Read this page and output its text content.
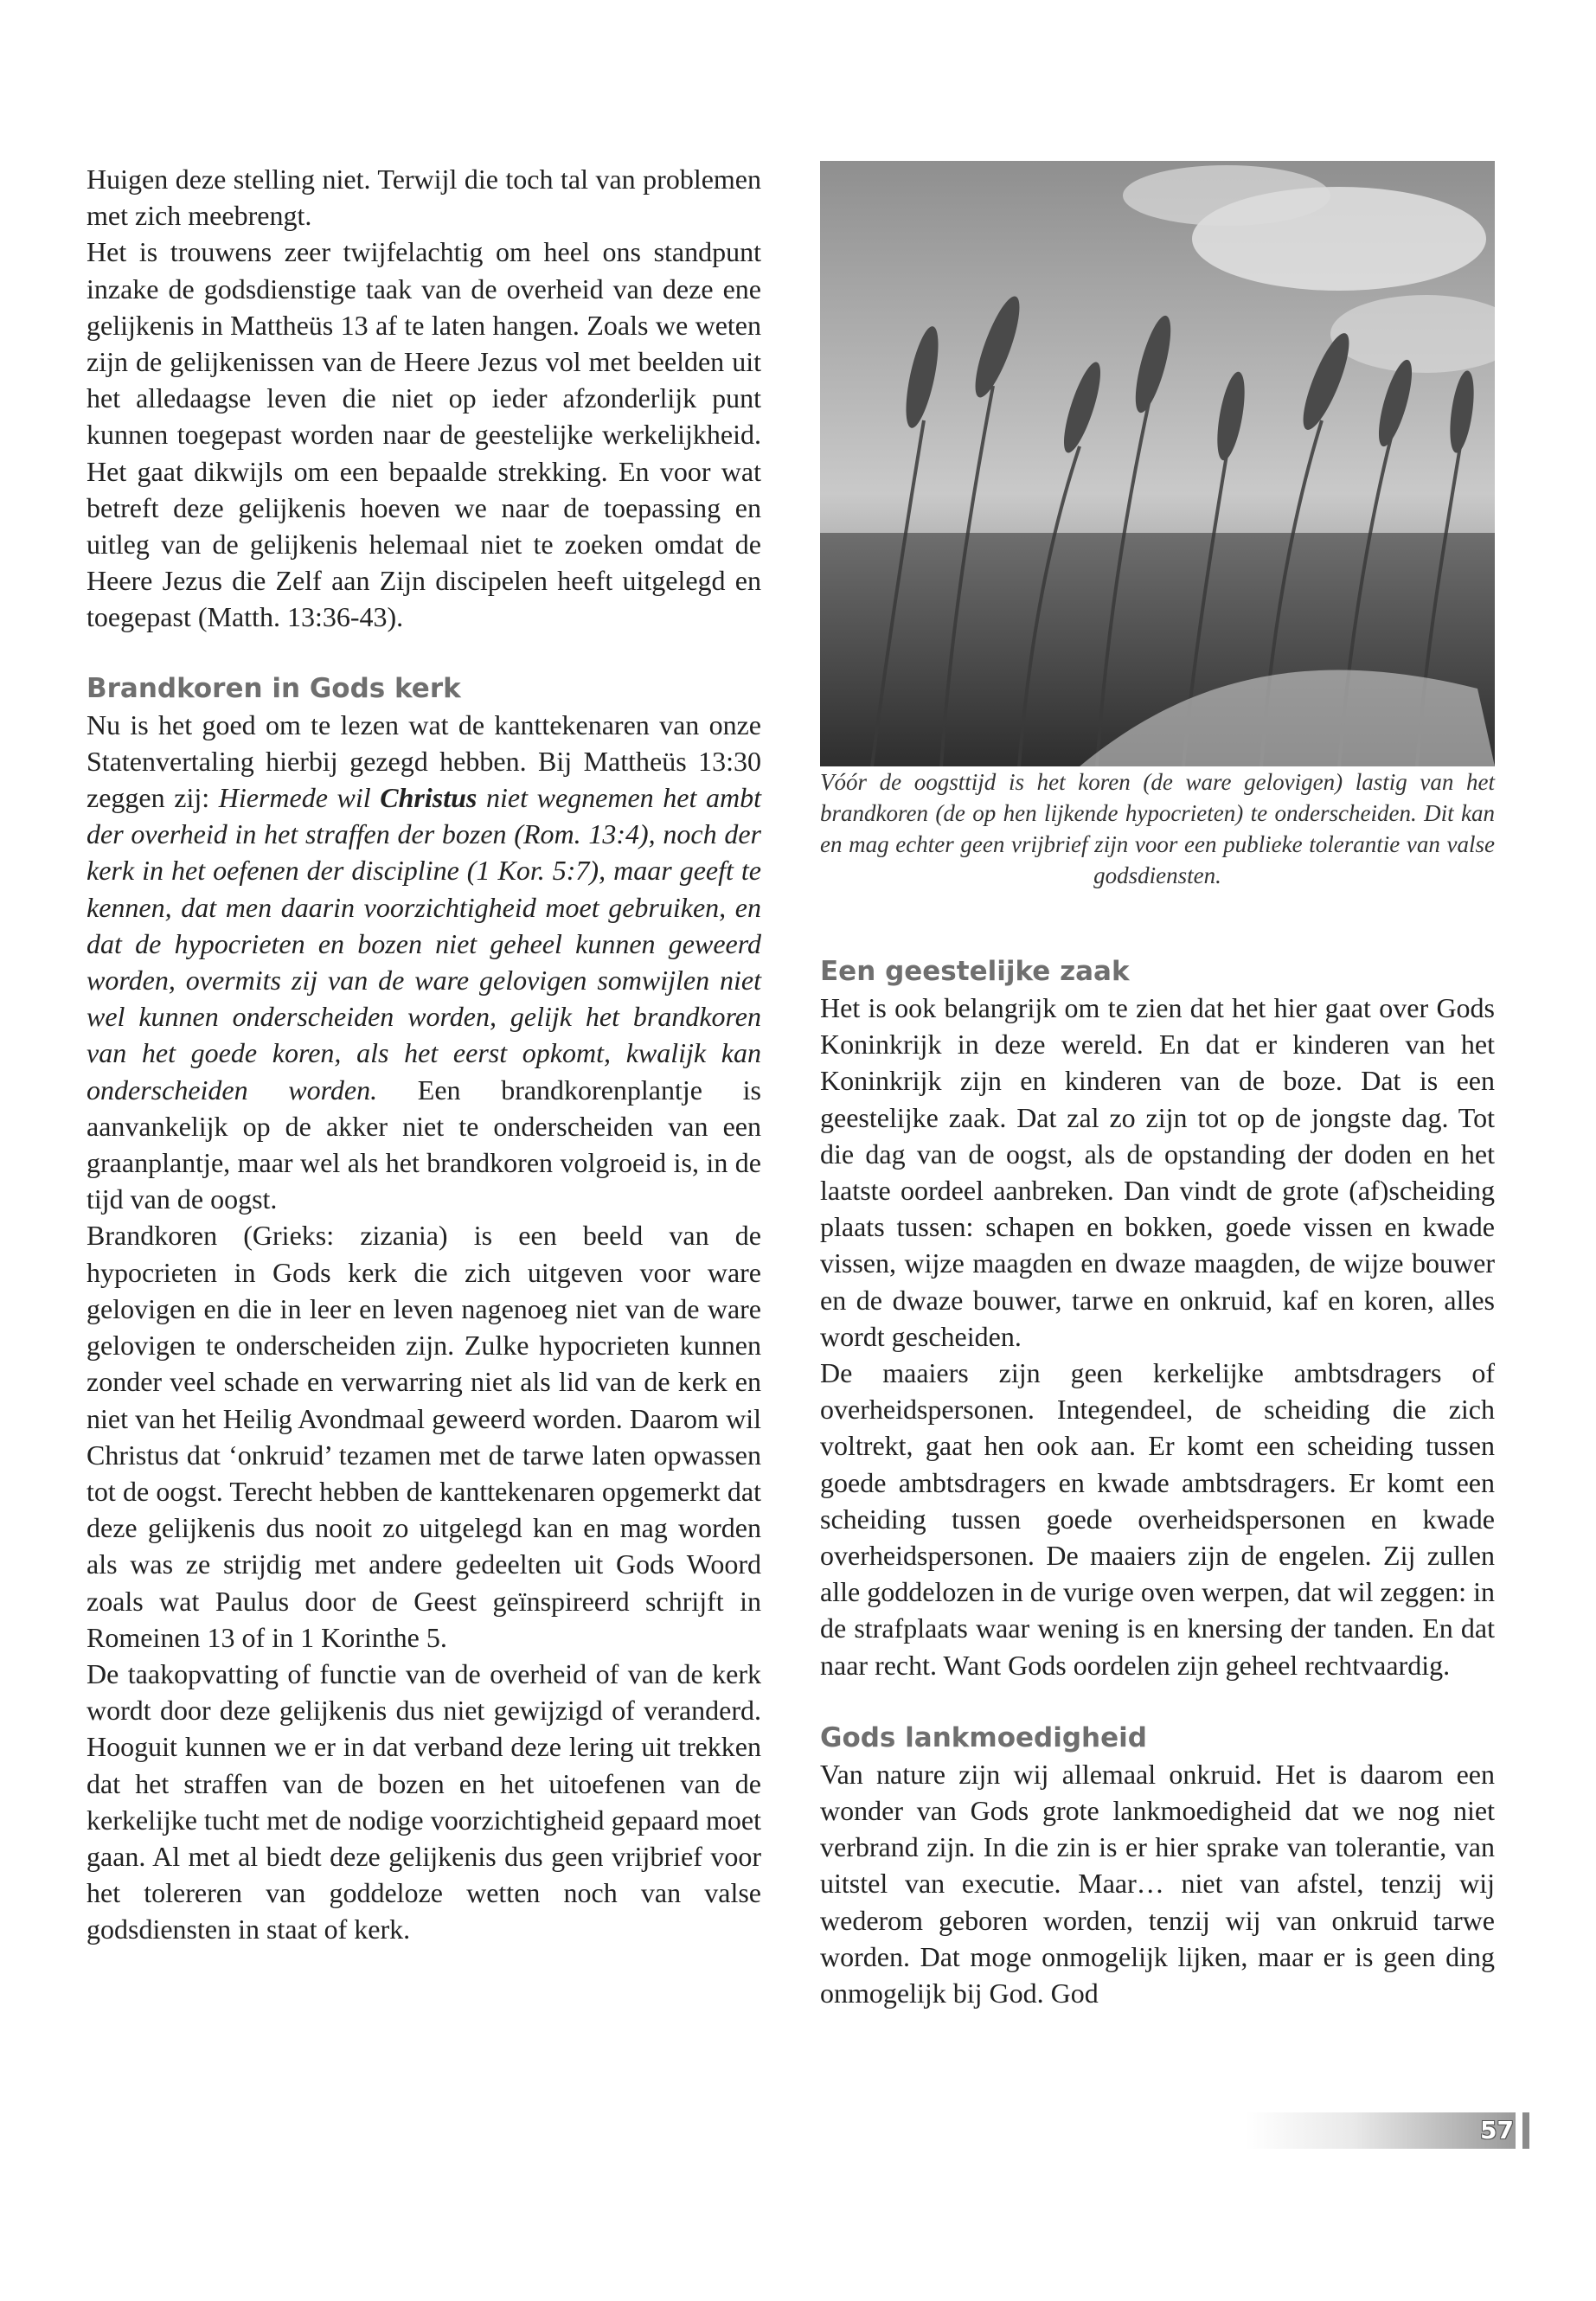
Huigen deze stelling niet. Terwijl die toch tal van problemen met zich meebrengt.

Het is trouwens zeer twijfelachtig om heel ons standpunt inzake de godsdienstige taak van de overheid van deze ene gelijkenis in Mattheüs 13 af te laten hangen. Zoals we weten zijn de gelijkenissen van de Heere Jezus vol met beelden uit het alledaagse leven die niet op ieder afzonderlijk punt kunnen toegepast worden naar de geestelijke werkelijkheid. Het gaat dikwijls om een bepaalde strekking. En voor wat betreft deze gelijkenis hoeven we naar de toepassing en uitleg van de gelijkenis helemaal niet te zoeken omdat de Heere Jezus die Zelf aan Zijn discipelen heeft uitgelegd en toegepast (Matth. 13:36-43).

Brandkoren in Gods kerk

Nu is het goed om te lezen wat de kanttekenaren van onze Statenvertaling hierbij gezegd hebben. Bij Mattheüs 13:30 zeggen zij: Hiermede wil Christus niet wegnemen het ambt der overheid in het straffen der bozen (Rom. 13:4), noch der kerk in het oefenen der discipline (1 Kor. 5:7), maar geeft te kennen, dat men daarin voorzichtigheid moet gebruiken, en dat de hypocrieten en bozen niet geheel kunnen geweerd worden, overmits zij van de ware gelovigen somwijlen niet wel kunnen onderscheiden worden, gelijk het brandkoren van het goede koren, als het eerst opkomt, kwalijk kan onderscheiden worden. Een brandkorenplantje is aanvankelijk op de akker niet te onderscheiden van een graanplantje, maar wel als het brandkoren volgroeid is, in de tijd van de oogst.

Brandkoren (Grieks: zizania) is een beeld van de hypocrieten in Gods kerk die zich uitgeven voor ware gelovigen en die in leer en leven nagenoeg niet van de ware gelovigen te onderscheiden zijn. Zulke hypocrieten kunnen zonder veel schade en verwarring niet als lid van de kerk en niet van het Heilig Avondmaal geweerd worden. Daarom wil Christus dat ‘onkruid’ tezamen met de tarwe laten opwassen tot de oogst. Terecht hebben de kanttekenaren opgemerkt dat deze gelijkenis dus nooit zo uitgelegd kan en mag worden als was ze strijdig met andere gedeelten uit Gods Woord zoals wat Paulus door de Geest geïnspireerd schrijft in Romeinen 13 of in 1 Korinthe 5.

De taakopvatting of functie van de overheid of van de kerk wordt door deze gelijkenis dus niet gewijzigd of veranderd. Hooguit kunnen we er in dat verband deze lering uit trekken dat het straffen van de bozen en het uitoefenen van de kerkelijke tucht met de nodige voorzichtigheid gepaard moet gaan. Al met al biedt deze gelijkenis dus geen vrijbrief voor het tolereren van goddeloze wetten noch van valse godsdiensten in staat of kerk.

Vóór de oogsttijd is het koren (de ware gelovigen) lastig van het brandkoren (de op hen lijkende hypocrieten) te onderscheiden. Dit kan en mag echter geen vrijbrief zijn voor een publieke tolerantie van valse godsdiensten.

Een geestelijke zaak

Het is ook belangrijk om te zien dat het hier gaat over Gods Koninkrijk in deze wereld. En dat er kinderen van het Koninkrijk zijn en kinderen van de boze. Dat is een geestelijke zaak. Dat zal zo zijn tot op de jongste dag. Tot die dag van de oogst, als de opstanding der doden en het laatste oordeel aanbreken. Dan vindt de grote (af)scheiding plaats tussen: schapen en bokken, goede vissen en kwade vissen, wijze maagden en dwaze maagden, de wijze bouwer en de dwaze bouwer, tarwe en onkruid, kaf en koren, alles wordt gescheiden.

De maaiers zijn geen kerkelijke ambtsdragers of overheidspersonen. Integendeel, de scheiding die zich voltrekt, gaat hen ook aan. Er komt een scheiding tussen goede ambtsdragers en kwade ambtsdragers. Er komt een scheiding tussen goede overheidspersonen en kwade overheidspersonen. De maaiers zijn de engelen. Zij zullen alle goddelozen in de vurige oven werpen, dat wil zeggen: in de strafplaats waar wening is en knersing der tanden. En dat naar recht. Want Gods oordelen zijn geheel rechtvaardig.

Gods lankmoedigheid

Van nature zijn wij allemaal onkruid. Het is daarom een wonder van Gods grote lankmoedigheid dat we nog niet verbrand zijn. In die zin is er hier sprake van tolerantie, van uitstel van executie. Maar… niet van afstel, tenzij wij wederom geboren worden, tenzij wij van onkruid tarwe worden. Dat moge onmogelijk lijken, maar er is geen ding onmogelijk bij God. God

57
